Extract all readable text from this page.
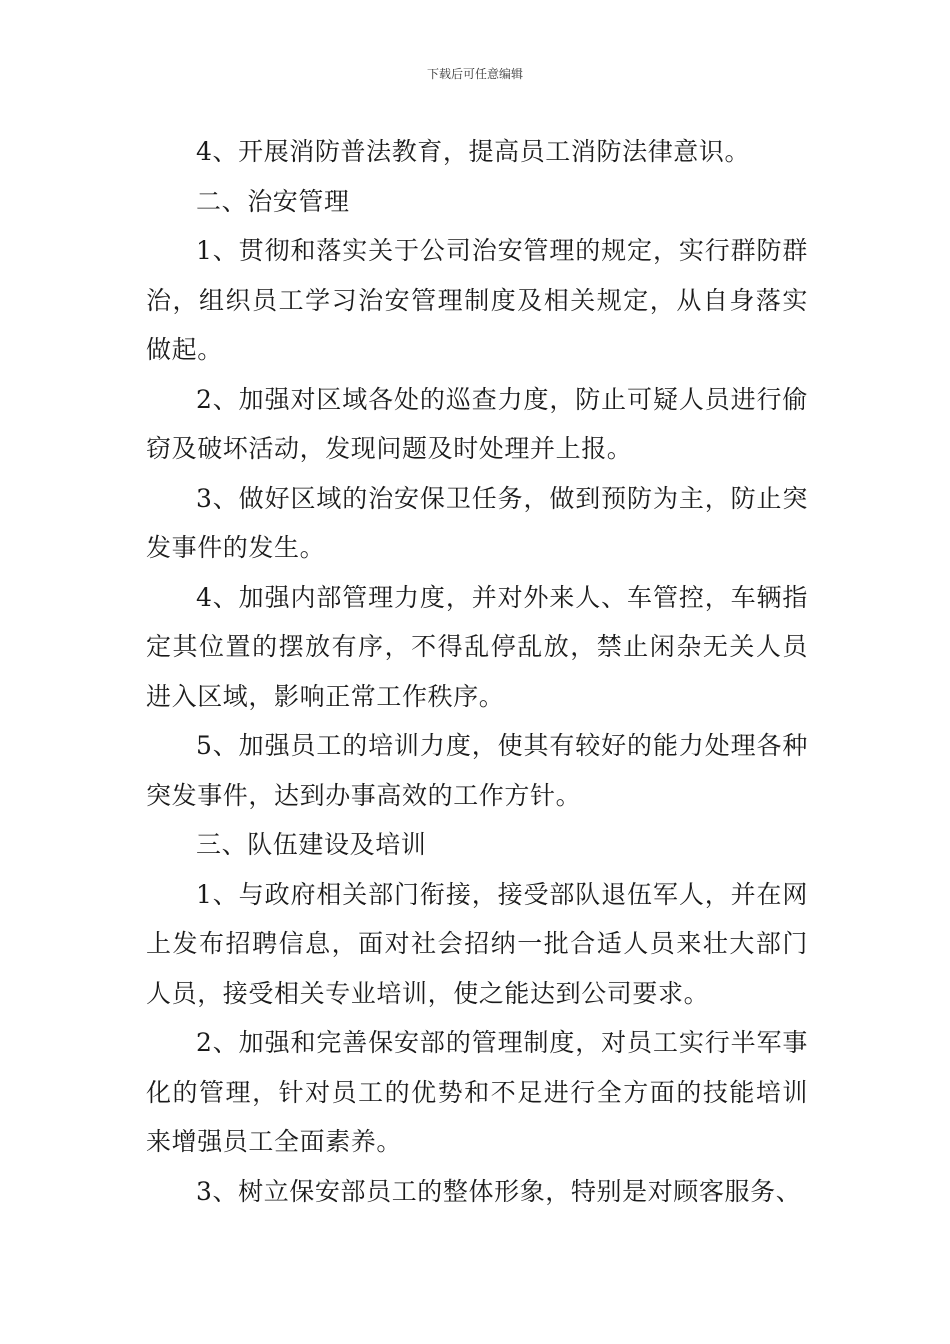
下载后可任意编辑

4、开展消防普法教育，提高员工消防法律意识。

二、治安管理

1、贯彻和落实关于公司治安管理的规定，实行群防群治，组织员工学习治安管理制度及相关规定，从自身落实做起。

2、加强对区域各处的巡查力度，防止可疑人员进行偷窃及破坏活动，发现问题及时处理并上报。

3、做好区域的治安保卫任务，做到预防为主，防止突发事件的发生。

4、加强内部管理力度，并对外来人、车管控，车辆指定其位置的摆放有序，不得乱停乱放，禁止闲杂无关人员进入区域，影响正常工作秩序。

5、加强员工的培训力度，使其有较好的能力处理各种突发事件，达到办事高效的工作方针。

三、队伍建设及培训

1、与政府相关部门衔接，接受部队退伍军人，并在网上发布招聘信息，面对社会招纳一批合适人员来壮大部门人员，接受相关专业培训，使之能达到公司要求。

2、加强和完善保安部的管理制度，对员工实行半军事化的管理，针对员工的优势和不足进行全方面的技能培训来增强员工全面素养。

3、树立保安部员工的整体形象，特别是对顾客服务、
